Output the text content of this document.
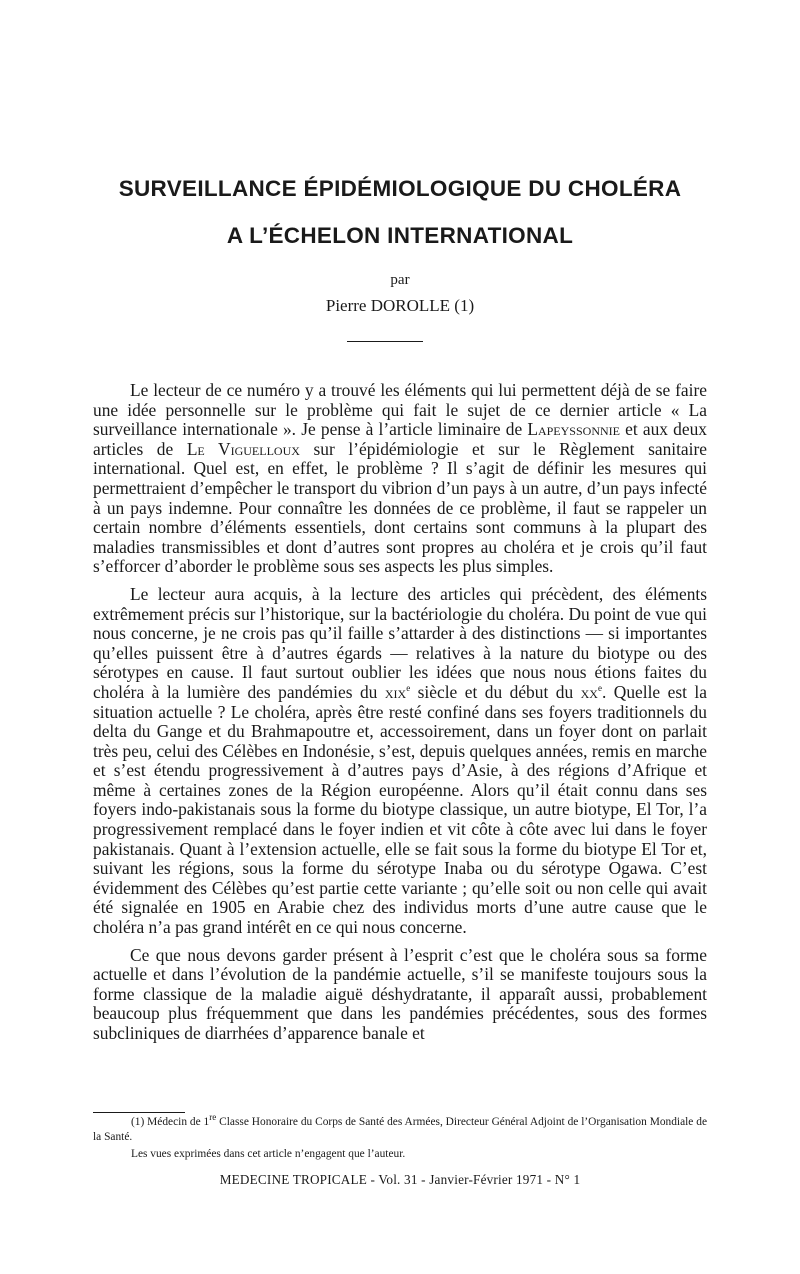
SURVEILLANCE ÉPIDÉMIOLOGIQUE DU CHOLÉRA
A L’ÉCHELON INTERNATIONAL
par
Pierre DOROLLE (1)

Le lecteur de ce numéro y a trouvé les éléments qui lui permettent déjà de se faire une idée personnelle sur le problème qui fait le sujet de ce dernier article « La surveillance internationale ». Je pense à l’article liminaire de Lapeyssonnie et aux deux articles de Le Viguelloux sur l’épidémiologie et sur le Règlement sanitaire international. Quel est, en effet, le problème ? Il s’agit de définir les mesures qui permettraient d’empêcher le transport du vibrion d’un pays à un autre, d’un pays infecté à un pays indemne. Pour connaître les données de ce problème, il faut se rappeler un certain nombre d’éléments essentiels, dont certains sont communs à la plupart des maladies transmissibles et dont d’autres sont propres au choléra et je crois qu’il faut s’efforcer d’aborder le problème sous ses aspects les plus simples.

Le lecteur aura acquis, à la lecture des articles qui précèdent, des éléments extrêmement précis sur l’historique, sur la bactériologie du choléra. Du point de vue qui nous concerne, je ne crois pas qu’il faille s’attarder à des distinctions — si importantes qu’elles puissent être à d’autres égards — relatives à la nature du biotype ou des sérotypes en cause. Il faut surtout oublier les idées que nous nous étions faites du choléra à la lumière des pandémies du xix$^e$ siècle et du début du $xx^e$. Quelle est la situation actuelle ? Le choléra, après être resté confiné dans ses foyers traditionnels du delta du Gange et du Brahmapoutre et, accessoirement, dans un foyer dont on parlait très peu, celui des Célèbes en Indonésie, s’est, depuis quelques années, remis en marche et s’est étendu progressivement à d’autres pays d’Asie, à des régions d’Afrique et même à certaines zones de la Région européenne. Alors qu’il était connu dans ses foyers indo-pakistanais sous la forme du biotype classique, un autre biotype, El Tor, l’a progressivement remplacé dans le foyer indien et vit côte à côte avec lui dans le foyer pakistanais. Quant à l’extension actuelle, elle se fait sous la forme du biotype El Tor et, suivant les régions, sous la forme du sérotype Inaba ou du sérotype Ogawa. C’est évidemment des Célèbes qu’est partie cette variante ; qu’elle soit ou non celle qui avait été signalée en 1905 en Arabie chez des individus morts d’une autre cause que le choléra n’a pas grand intérêt en ce qui nous concerne.

Ce que nous devons garder présent à l’esprit c’est que le choléra sous sa forme actuelle et dans l’évolution de la pandémie actuelle, s’il se manifeste toujours sous la forme classique de la maladie aiguë déshydratante, il apparaît aussi, probablement beaucoup plus fréquemment que dans les pandémies précédentes, sous des formes subcliniques de diarrhées d’apparence banale et

(1) Médecin de 1re Classe Honoraire du Corps de Santé des Armées, Directeur Général Adjoint de l’Organisation Mondiale de la Santé.

Les vues exprimées dans cet article n’engagent que l’auteur.

MEDECINE TROPICALE - Vol. 31 - Janvier-Février 1971 - N° 1
